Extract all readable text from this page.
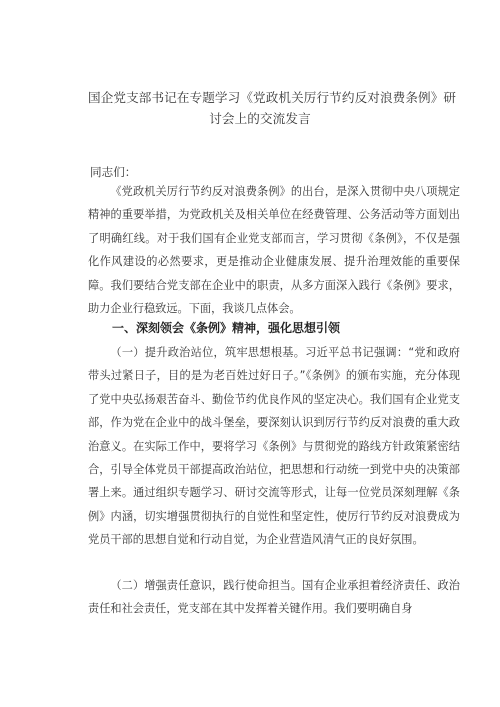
国企党支部书记在专题学习《党政机关厉行节约反对浪费条例》研
讨会上的交流发言
同志们：

《党政机关厉行节约反对浪费条例》的出台，是深入贯彻中央八项规定精神的重要举措，为党政机关及相关单位在经费管理、公务活动等方面划出了明确红线。对于我们国有企业党支部而言，学习贯彻《条例》，不仅是强化作风建设的必然要求，更是推动企业健康发展、提升治理效能的重要保障。我们要结合党支部在企业中的职责，从多方面深入践行《条例》要求，助力企业行稳致远。下面，我谈几点体会。

一、深刻领会《条例》精神，强化思想引领

（一）提升政治站位，筑牢思想根基。习近平总书记强调：“党和政府带头过紧日子，目的是为老百姓过好日子。”《条例》的颁布实施，充分体现了党中央弘扬艰苦奋斗、勤俭节约优良作风的坚定决心。我们国有企业党支部，作为党在企业中的战斗堡垒，要深刻认识到厉行节约反对浪费的重大政治意义。在实际工作中，要将学习《条例》与贯彻党的路线方针政策紧密结合，引导全体党员干部提高政治站位，把思想和行动统一到党中央的决策部署上来。通过组织专题学习、研讨交流等形式，让每一位党员深刻理解《条例》内涵，切实增强贯彻执行的自觉性和坚定性，使厉行节约反对浪费成为党员干部的思想自觉和行动自觉，为企业营造风清气正的良好氛围。

（二）增强责任意识，践行使命担当。国有企业承担着经济责任、政治责任和社会责任，党支部在其中发挥着关键作用。我们要明确自身
